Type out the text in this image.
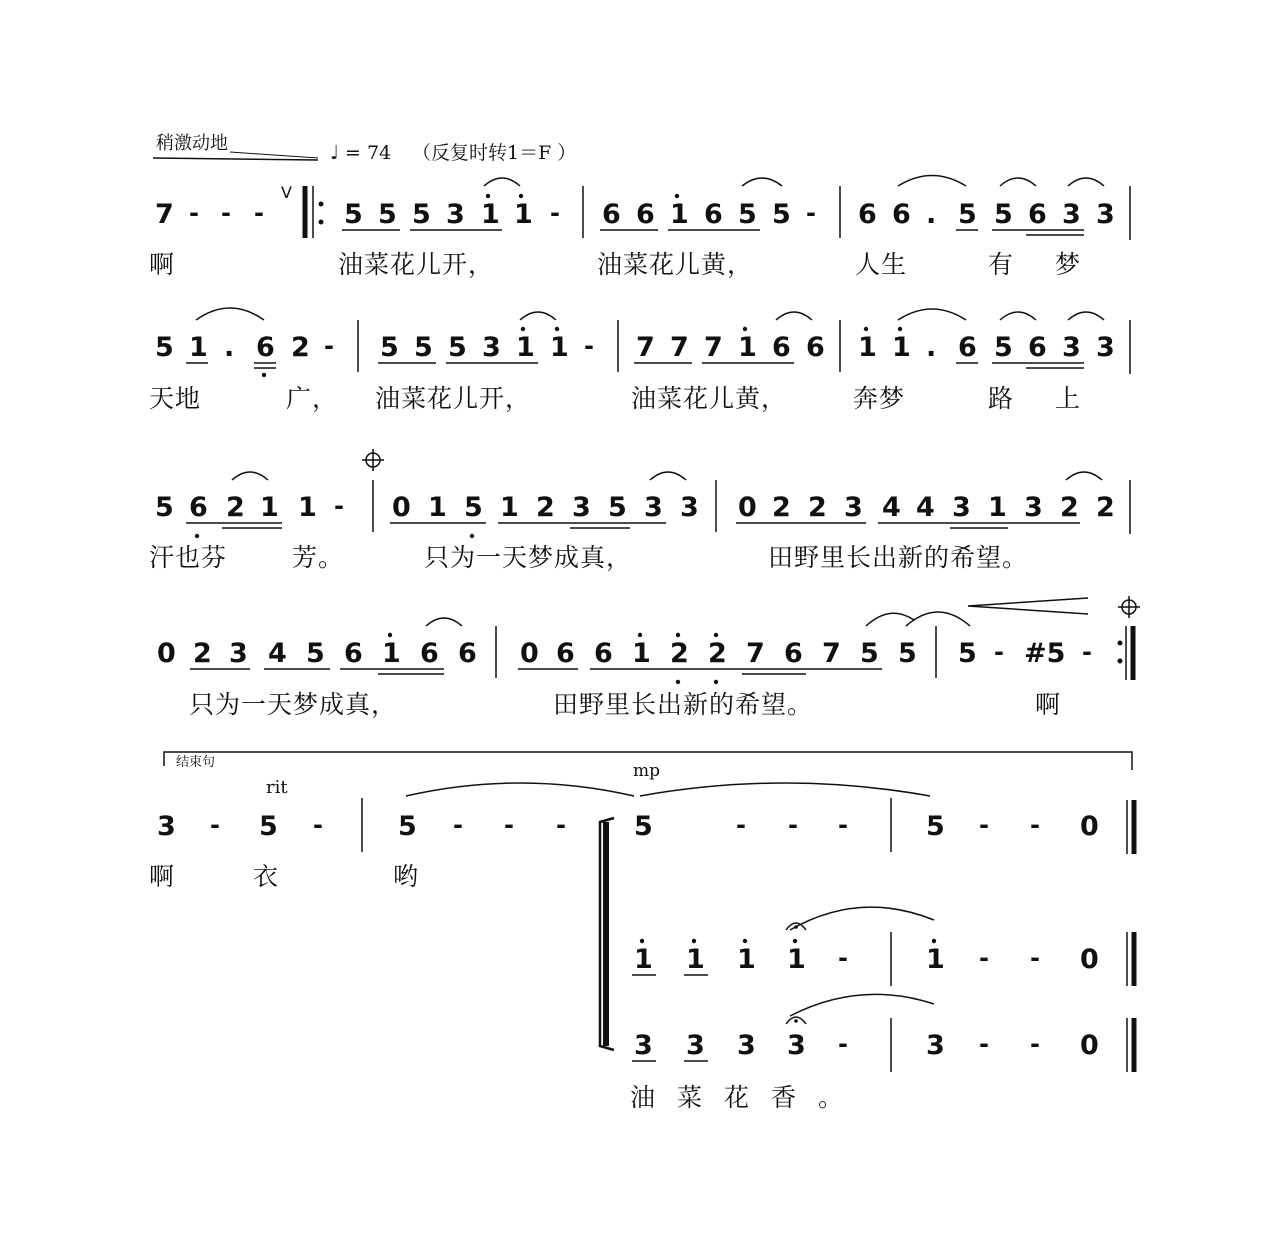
稍激动地	♩ = 74 （反复时转1＝F ）
7 - - -
V
5 5 5 3 1 1 - 6 6 1 6 5 5 - 6 6 . 5 5 6 3 3
啊	油菜花儿开，	油菜花儿黄，	人生	有 梦
5 1 . 6 2 - 5 5 5 3 1 1 - 7 7 7 1 6 6 1 1 . 6 5 6 3 3
天地	广， 油菜花儿开，	油菜花儿黄，	奔梦	路 上
5 6 2 1 1 - 0 1 5 1 2 3 5 3 3 0 2 2 3 4 4 3 1 3 2 2
汗也芬	芳。	只为一天梦成真，	田野里长出新的希望。
0 2 3 4 5 6 1 6 6 0 6 6 1 2 2 7 6 7 5 5 5 - #5 -
只为一天梦成真，	田野里长出新的希望。	啊
结束句
rit
mp
3 - 5 -	5 - - -	5	- - -	5 - - 0
啊	衣	哟
1 1 1 1 -	1 - - 0
3 3 3 3 -	3 - - 0
油菜花香。
